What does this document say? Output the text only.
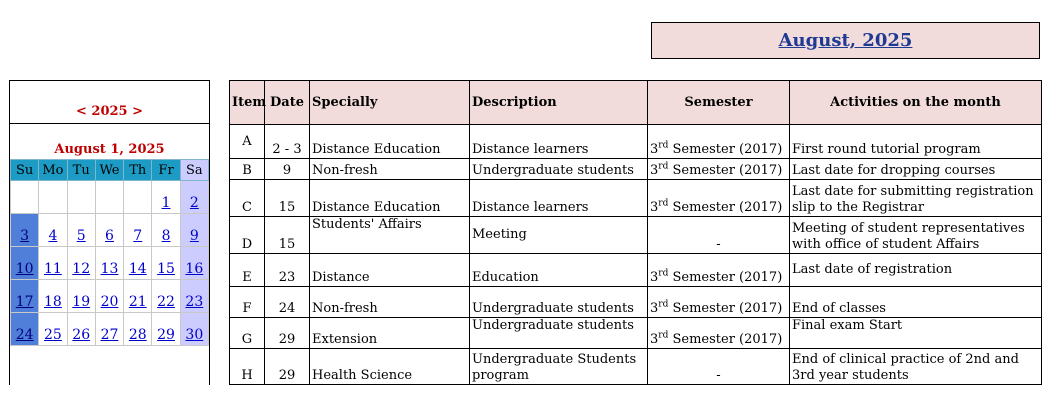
August, 2025
< 2025 >
August 1, 2025
Su	Mo	Tu	We	Th	Fr	Sa
					1	2
3	4	5	6	7	8	9
10	11	12	13	14	15	16
17	18	19	20	21	22	23
24	25	26	27	28	29	30
Item	Date	Specially	Description	Semester	Activities on the month
A	2 - 3	Distance Education	Distance learners	3rd Semester (2017)	First round tutorial program
B	9	Non-fresh	Undergraduate students	3rd Semester (2017)	Last date for dropping courses
C	15	Distance Education	Distance learners	3rd Semester (2017)	Last date for submitting registration slip to the Registrar
D	15	Students' Affairs	Meeting	-	Meeting of student representatives with office of student Affairs
E	23	Distance	Education	3rd Semester (2017)	Last date of registration
F	24	Non-fresh	Undergraduate students	3rd Semester (2017)	End of classes
G	29	Extension	Undergraduate students	3rd Semester (2017)	Final exam Start
H	29	Health Science	Undergraduate Students program	-	End of clinical practice of 2nd and 3rd year students
